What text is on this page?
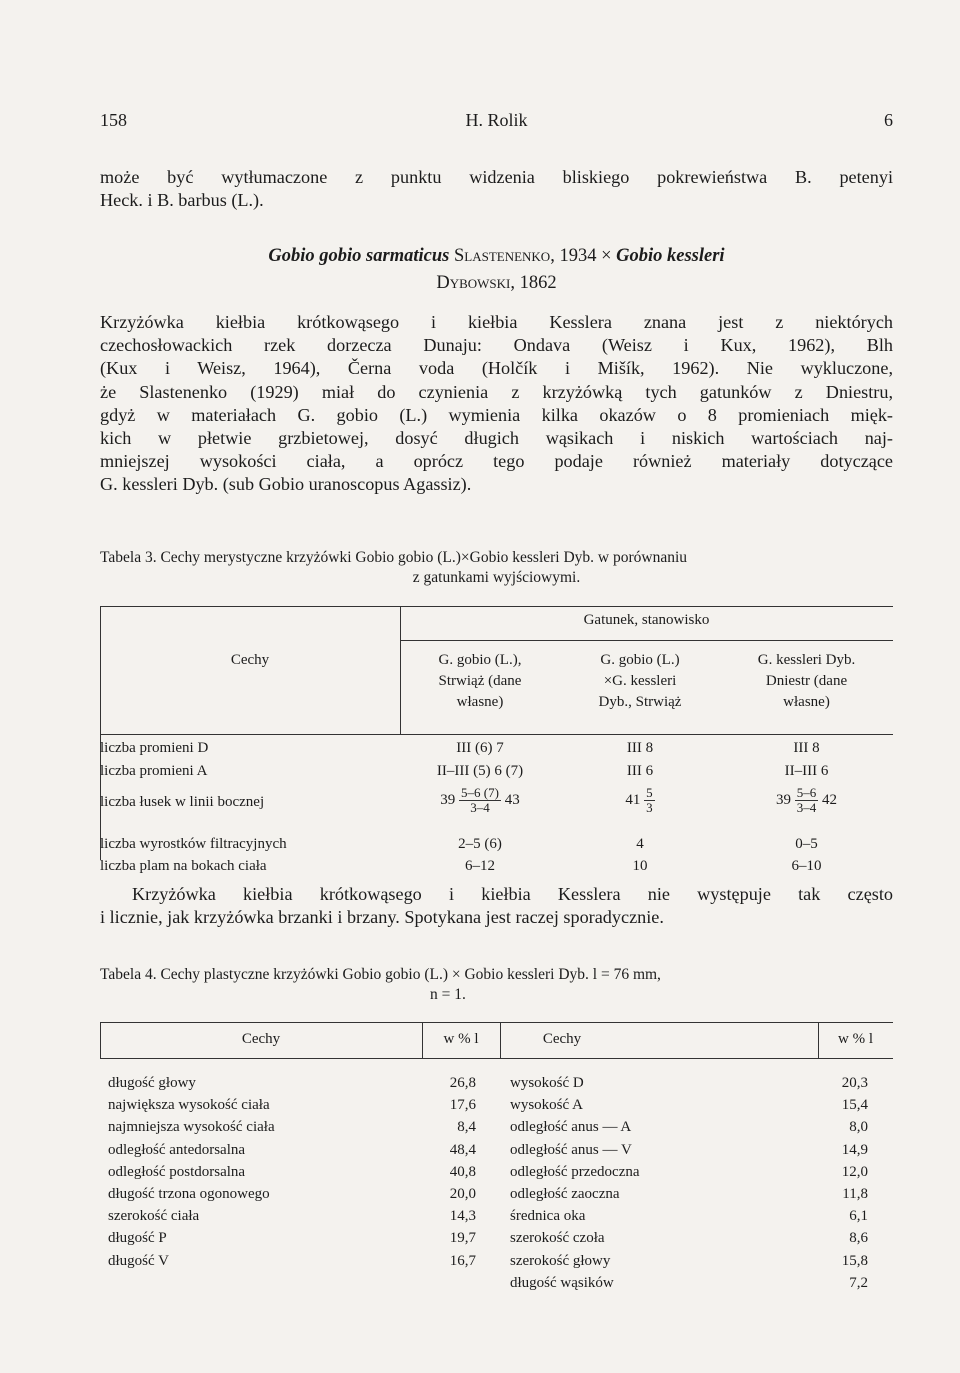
158	H. Rolik	6
może być wytłumaczone z punktu widzenia bliskiego pokrewieństwa B. petenyi
Heck. i B. barbus (L.).
Gobio gobio sarmaticus Slastenenko, 1934 × Gobio kessleri
Dybowski, 1862
Krzyżówka kiełbia krótkowąsego i kiełbia Kesslera znana jest z niektórych
czechosłowackich rzek dorzecza Dunaju: Ondava (Weisz i Kux, 1962), Blh
(Kux i Weisz, 1964), Černa voda (Holčík i Mišík, 1962). Nie wykluczone,
że Slastenenko (1929) miał do czynienia z krzyżówką tych gatunków z Dniestru,
gdyż w materiałach G. gobio (L.) wymienia kilka okazów o 8 promieniach mięk-
kich w płetwie grzbietowej, dosyć długich wąsikach i niskich wartościach naj-
mniejszej wysokości ciała, a oprócz tego podaje również materiały dotyczące
G. kessleri Dyb. (sub Gobio uranoscopus Agassiz).
Tabela 3. Cechy merystyczne krzyżówki Gobio gobio (L.)×Gobio kessleri Dyb. w porównaniu
z gatunkami wyjściowymi.
Gatunek, stanowisko
Cechy	G. gobio (L.),
Strwiąż (dane
własne)
G. gobio (L.)
×G. kessleri
Dyb., Strwiąż
G. kessleri Dyb.
Dniestr (dane
własne)
liczba promieni D	III (6) 7	III 8	III 8
liczba promieni A	II–III (5) 6 (7)	III 6	II–III 6
liczba łusek w linii bocznej	$39 \frac{5-6 (7)}{3-4} 43$	$41 \frac{5}{3}$	$39 \frac{5-6}{3-4} 42$
liczba wyrostków filtracyjnych	2–5 (6)	4	0–5
liczba plam na bokach ciała	6–12	10	6–10
Krzyżówka kiełbia krótkowąsego i kiełbia Kesslera nie występuje tak często
i licznie, jak krzyżówka brzanki i brzany. Spotykana jest raczej sporadycznie.
Tabela 4. Cechy plastyczne krzyżówki Gobio gobio (L.) × Gobio kessleri Dyb. l = 76 mm,
n = 1.
Cechy	w % l	Cechy	w % l
długość głowy	26,8
największa wysokość ciała	17,6
najmniejsza wysokość ciała	8,4
odległość antedorsalna	48,4
odległość postdorsalna	40,8
długość trzona ogonowego	20,0
szerokość ciała	14,3
długość P	19,7
długość V	16,7
wysokość D	20,3
wysokość A	15,4
odległość anus — A	8,0
odległość anus — V	14,9
odległość przedoczna	12,0
odległość zaoczna	11,8
średnica oka	6,1
szerokość czoła	8,6
szerokość głowy	15,8
długość wąsików	7,2
